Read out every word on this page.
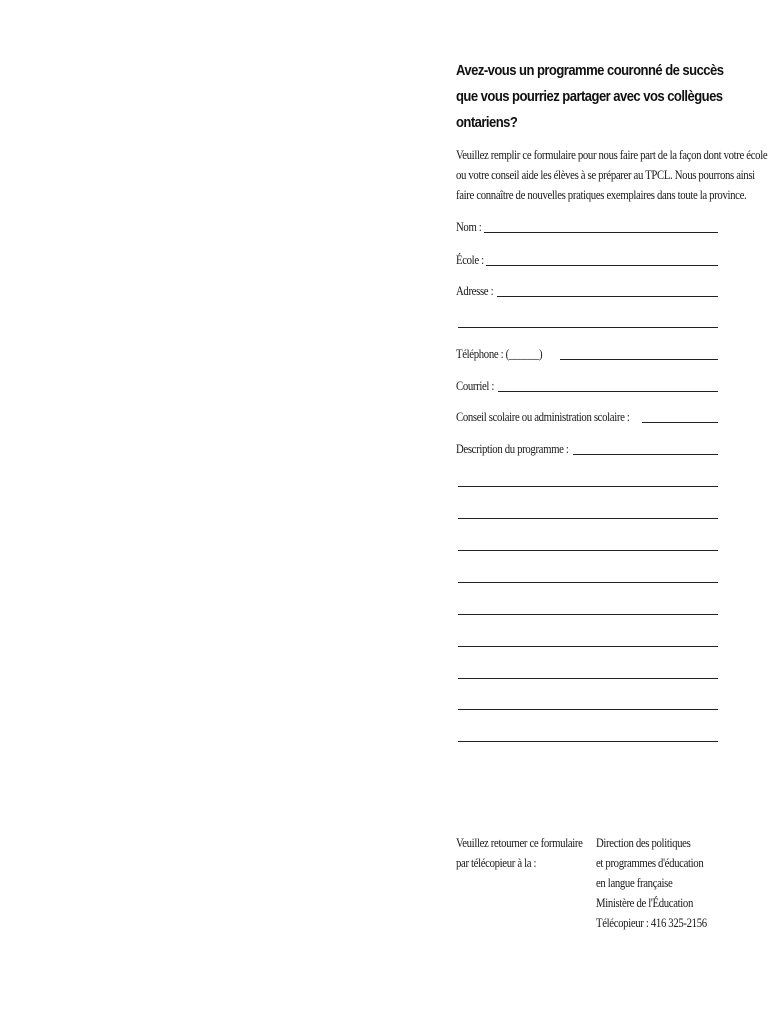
Avez-vous un programme couronné de succès
que vous pourriez partager avec vos collègues
ontariens?
Veuillez remplir ce formulaire pour nous faire part de la façon dont votre école
ou votre conseil aide les élèves à se préparer au TPCL. Nous pourrons ainsi
faire connaître de nouvelles pratiques exemplaires dans toute la province.
Nom :
École :
Adresse :
Téléphone : (______)
Courriel :
Conseil scolaire ou administration scolaire :
Description du programme :
Veuillez retourner ce formulaire
par télécopieur à la :
Direction des politiques
et programmes d'éducation
en langue française
Ministère de l'Éducation
Télécopieur : 416 325-2156
